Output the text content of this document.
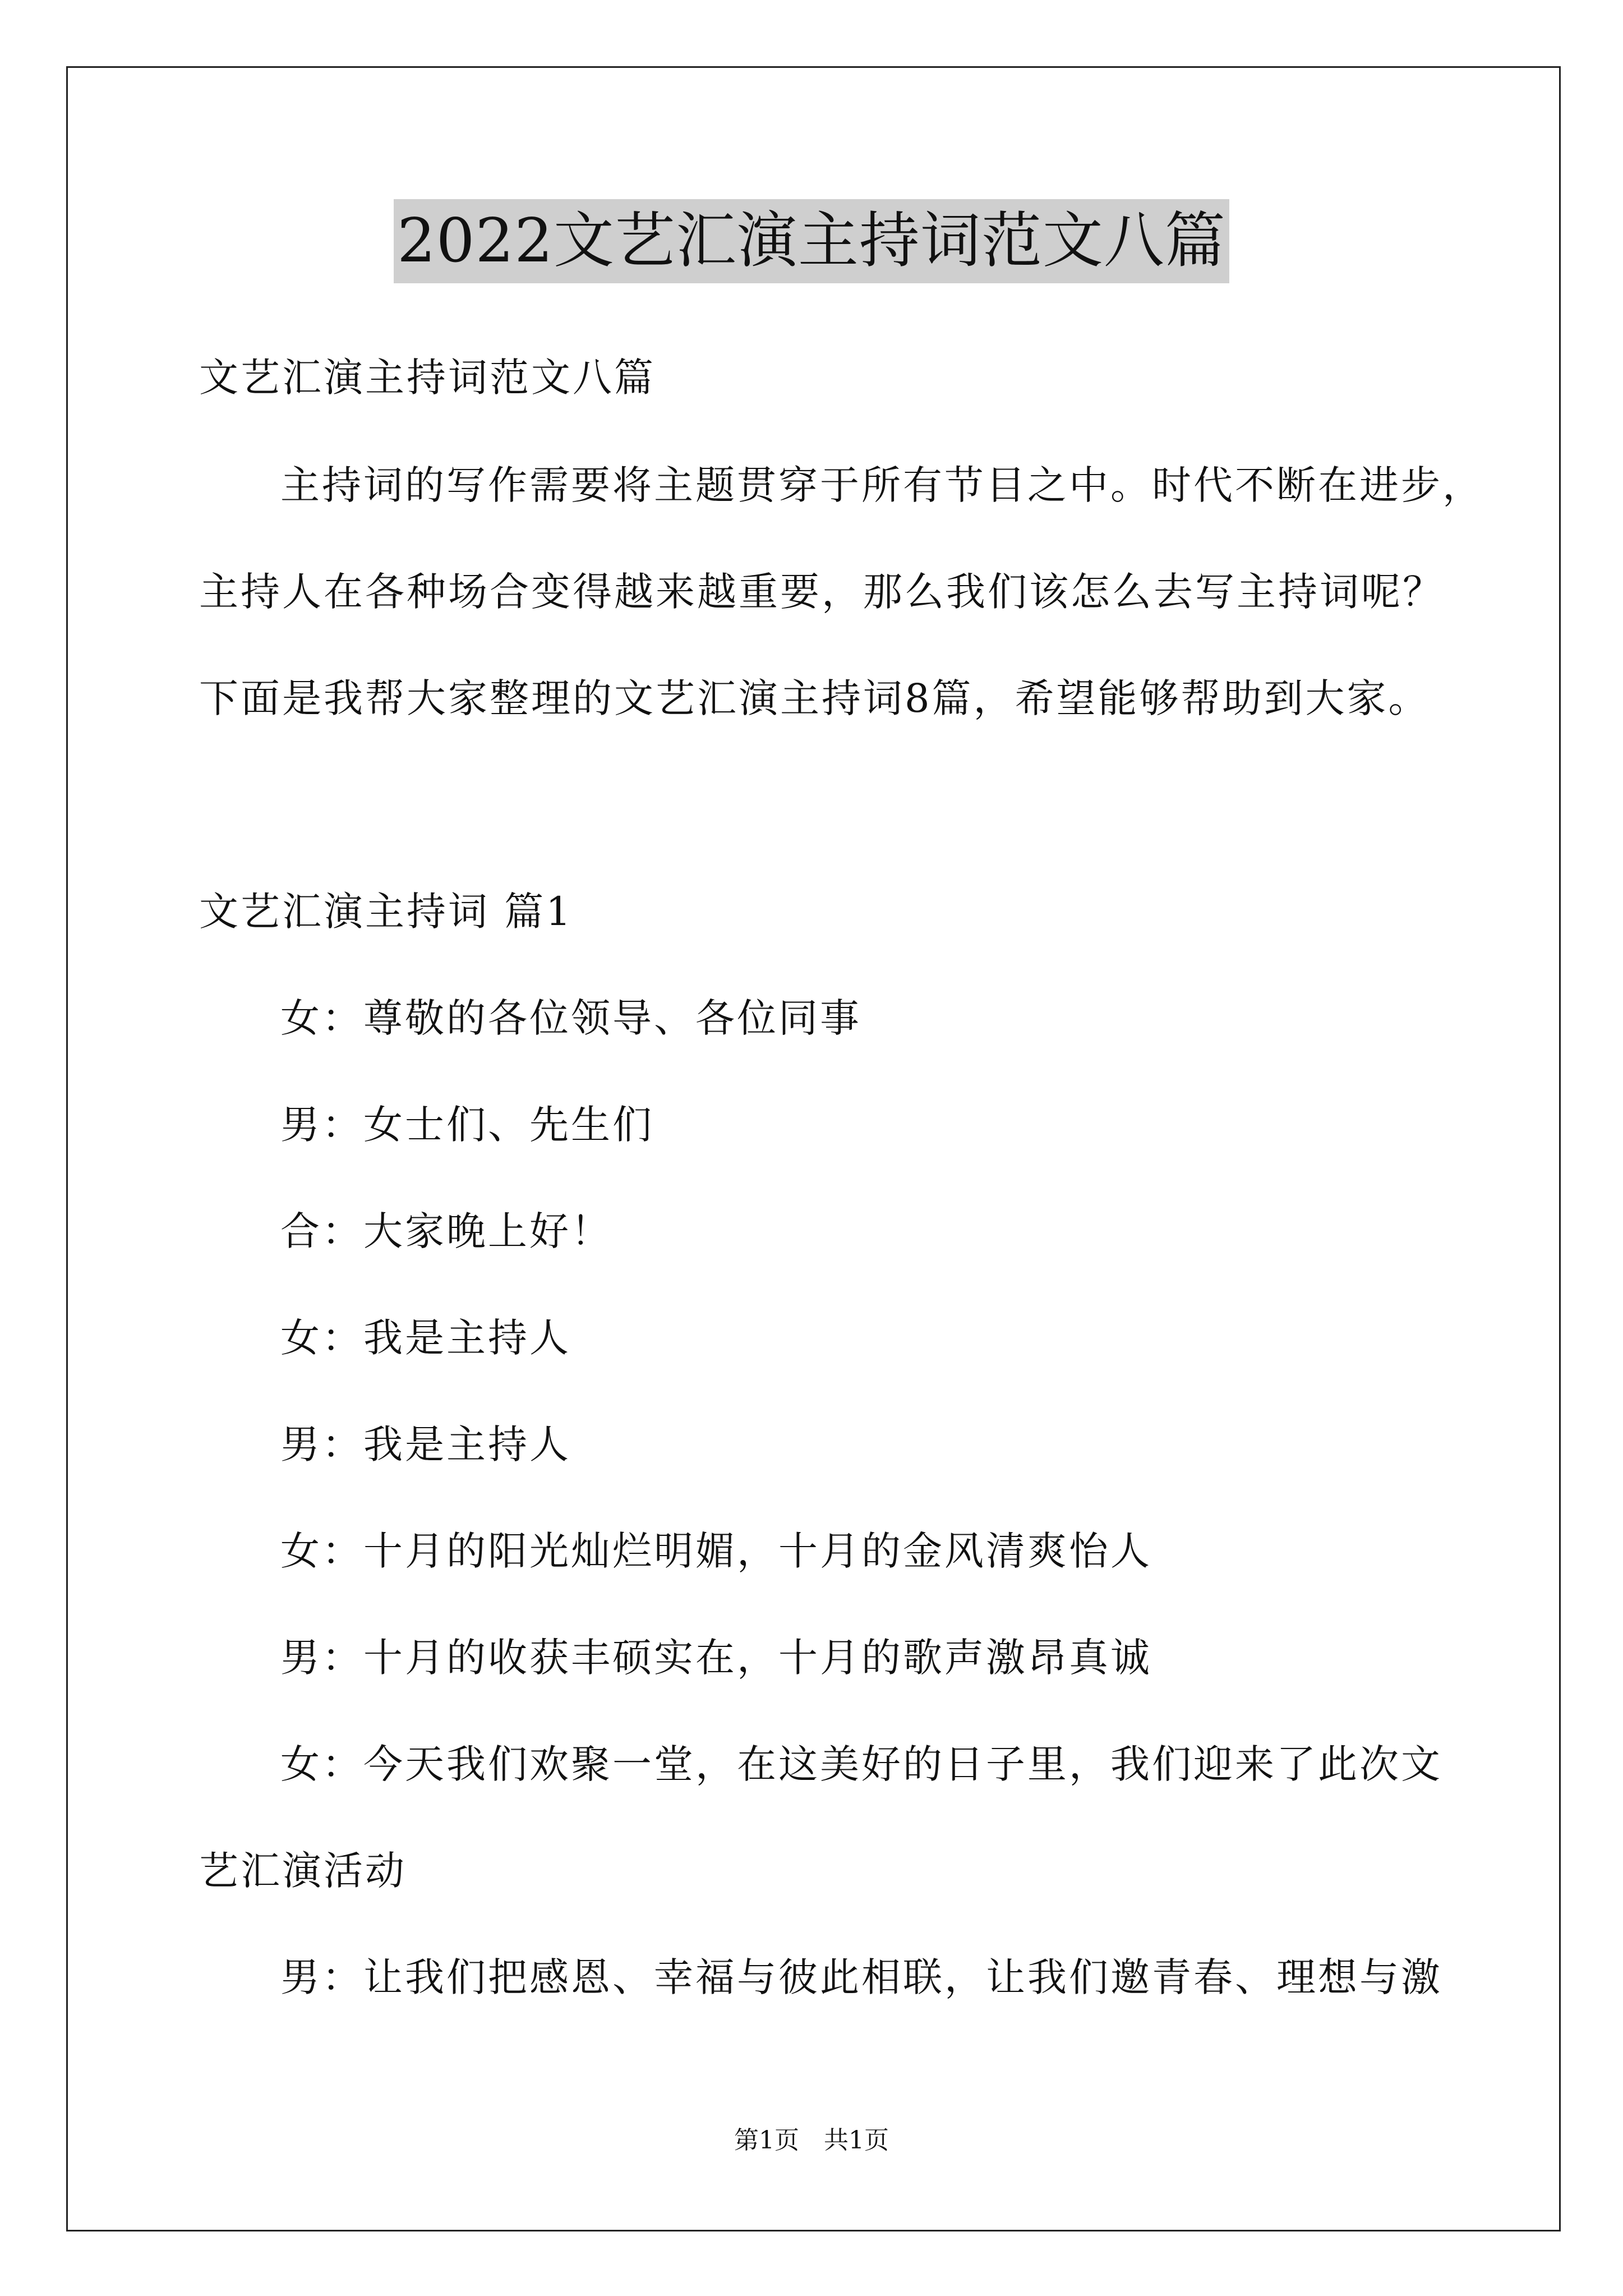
2022文艺汇演主持词范文八篇
文艺汇演主持词范文八篇
主持词的写作需要将主题贯穿于所有节目之中。时代不断在进步，
主持人在各种场合变得越来越重要，那么我们该怎么去写主持词呢？
下面是我帮大家整理的文艺汇演主持词8篇，希望能够帮助到大家。
文艺汇演主持词 篇1
女：尊敬的各位领导、各位同事
男：女士们、先生们
合：大家晚上好！
女：我是主持人
男：我是主持人
女：十月的阳光灿烂明媚，十月的金风清爽怡人
男：十月的收获丰硕实在，十月的歌声激昂真诚
女：今天我们欢聚一堂，在这美好的日子里，我们迎来了此次文
艺汇演活动
男：让我们把感恩、幸福与彼此相联，让我们邀青春、理想与激
第1页　共1页
